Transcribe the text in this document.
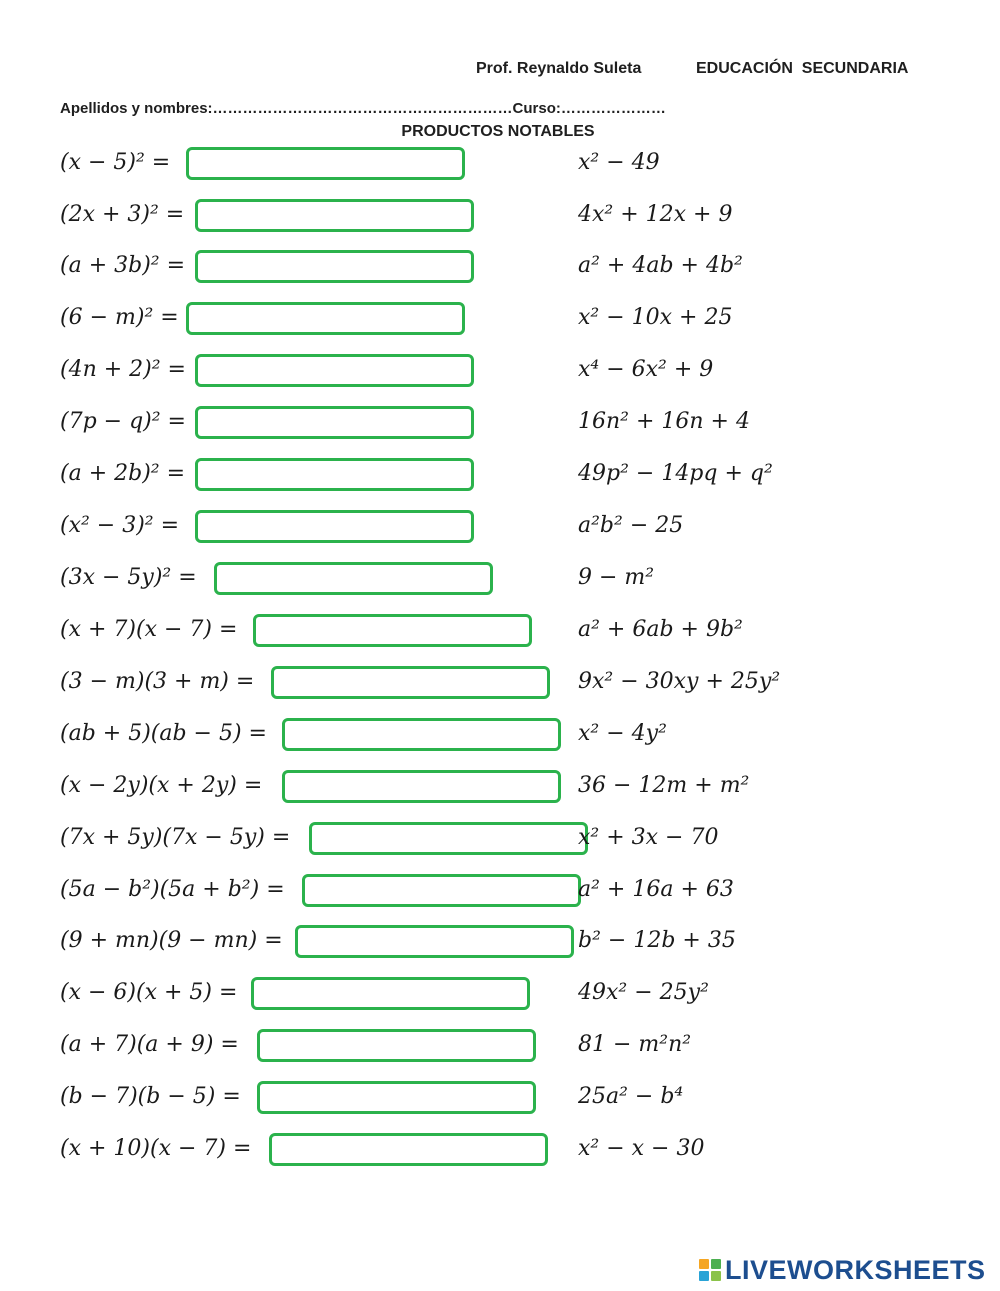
Prof. Reynaldo Suleta	EDUCACIÓN  SECUNDARIA
Apellidos y nombres:……………………………………………………Curso:…………………
PRODUCTOS NOTABLES
(x − 5)² =	x² − 49
(2x + 3)² =	4x² + 12x + 9
(a + 3b)² =	a² + 4ab + 4b²
(6 − m)² =	x² − 10x + 25
(4n + 2)² =	x⁴ − 6x² + 9
(7p − q)² =	16n² + 16n + 4
(a + 2b)² =	49p² − 14pq + q²
(x² − 3)² =	a²b² − 25
(3x − 5y)² =	9 − m²
(x + 7)(x − 7) =	a² + 6ab + 9b²
(3 − m)(3 + m) =	9x² − 30xy + 25y²
(ab + 5)(ab − 5) =	x² − 4y²
(x − 2y)(x + 2y) =	36 − 12m + m²
(7x + 5y)(7x − 5y) =	x² + 3x − 70
(5a − b²)(5a + b²) =	a² + 16a + 63
(9 + mn)(9 − mn) =	b² − 12b + 35
(x − 6)(x + 5) =	49x² − 25y²
(a + 7)(a + 9) =	81 − m²n²
(b − 7)(b − 5) =	25a² − b⁴
(x + 10)(x − 7) =	x² − x − 30
LIVEWORKSHEETS
